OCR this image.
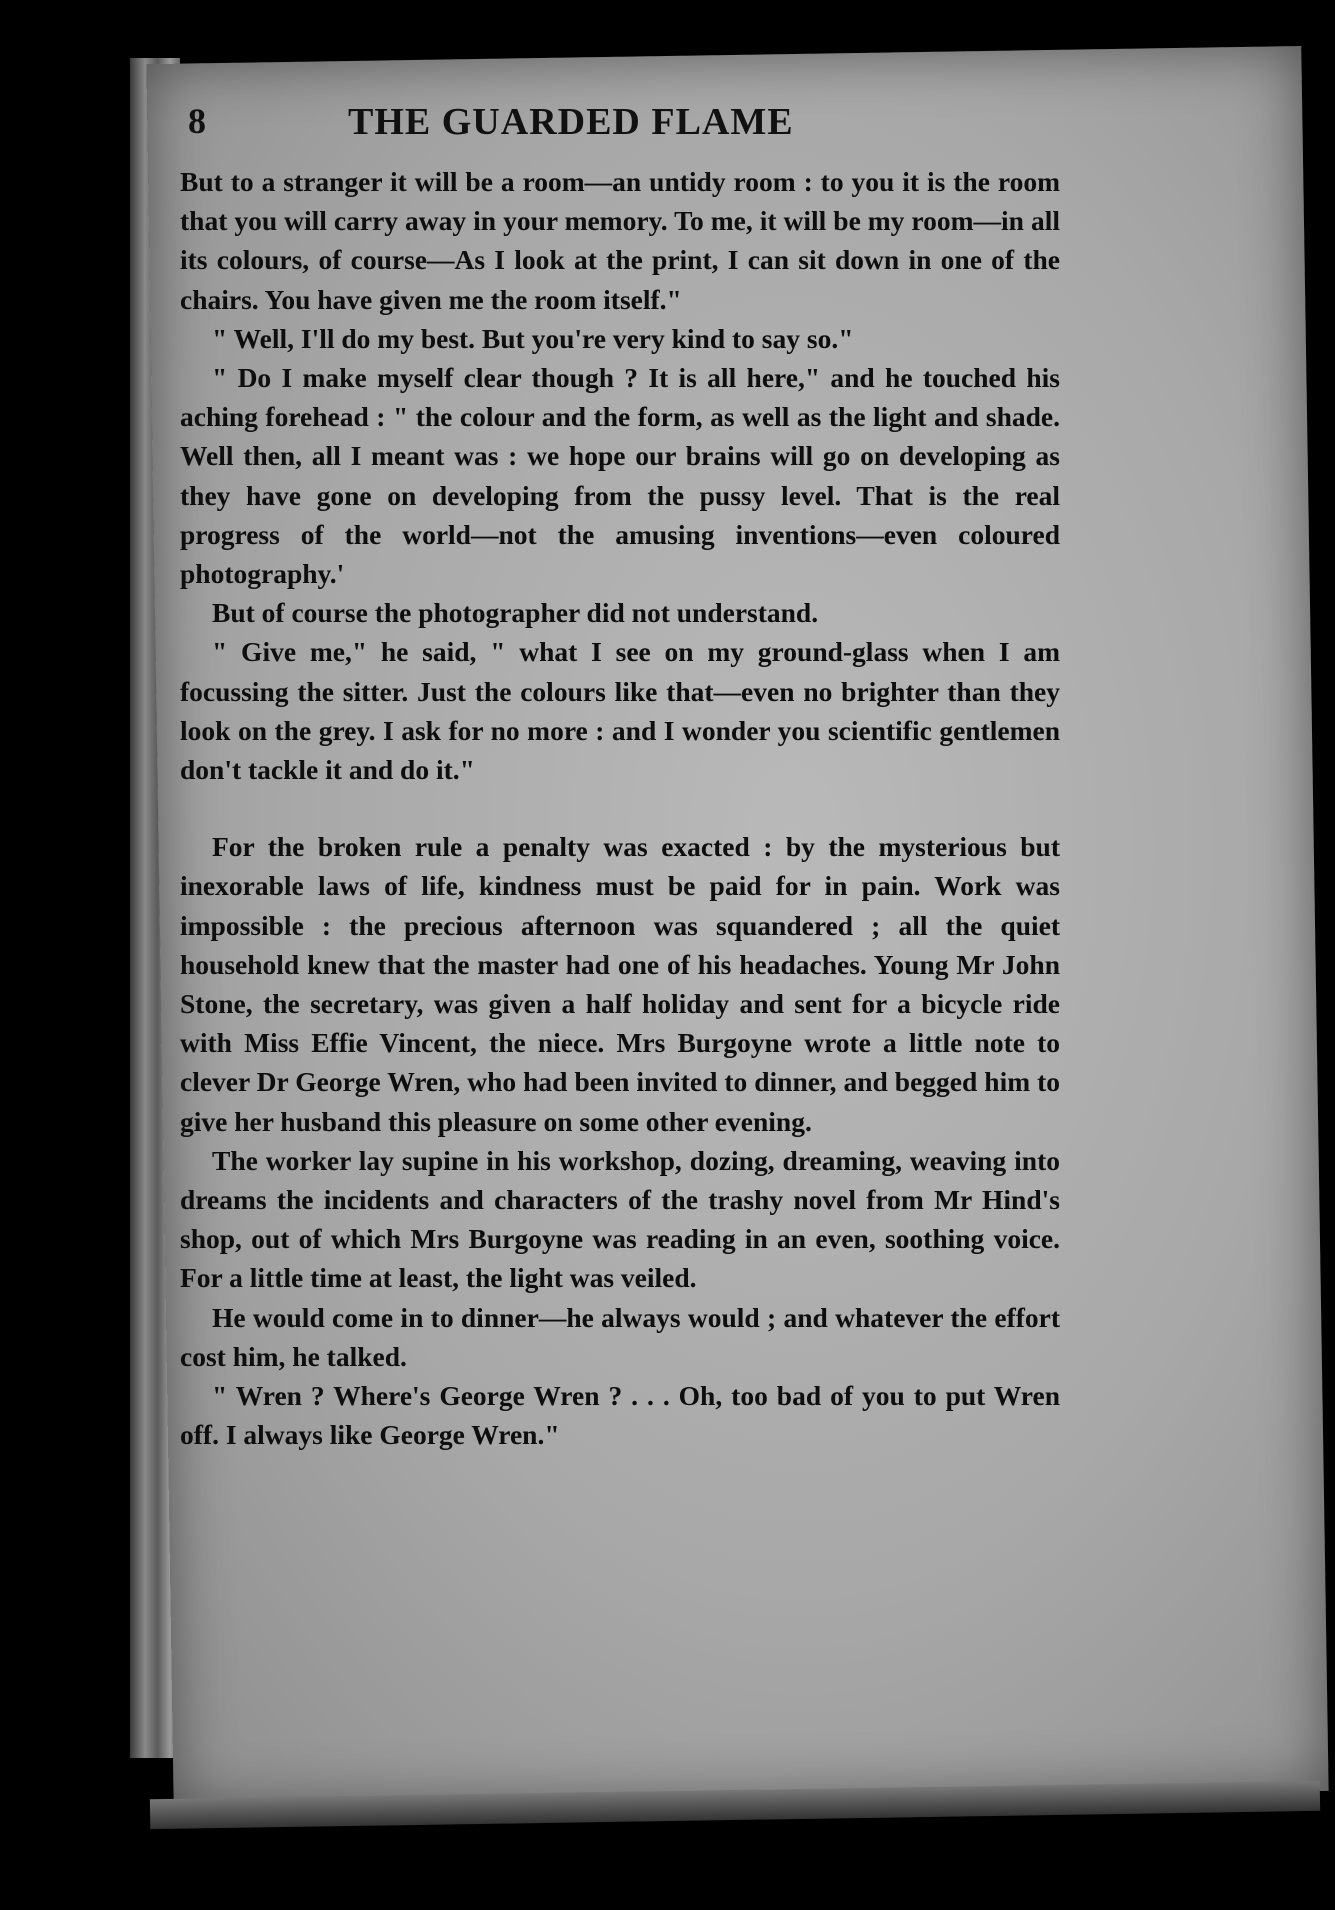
8	THE GUARDED FLAME

But to a stranger it will be a room—an untidy room : to you it is the room that you will carry away in your memory. To me, it will be my room—in all its colours, of course—As I look at the print, I can sit down in one of the chairs. You have given me the room itself."

" Well, I'll do my best. But you're very kind to say so."

" Do I make myself clear though ? It is all here," and he touched his aching forehead : " the colour and the form, as well as the light and shade. Well then, all I meant was : we hope our brains will go on developing as they have gone on developing from the pussy level. That is the real progress of the world—not the amusing inventions—even coloured photography.'

But of course the photographer did not understand.

" Give me," he said, " what I see on my ground-glass when I am focussing the sitter. Just the colours like that—even no brighter than they look on the grey. I ask for no more : and I wonder you scientific gentlemen don't tackle it and do it."

For the broken rule a penalty was exacted : by the mysterious but inexorable laws of life, kindness must be paid for in pain. Work was impossible : the precious afternoon was squandered ; all the quiet household knew that the master had one of his headaches. Young Mr John Stone, the secretary, was given a half holiday and sent for a bicycle ride with Miss Effie Vincent, the niece. Mrs Burgoyne wrote a little note to clever Dr George Wren, who had been invited to dinner, and begged him to give her husband this pleasure on some other evening.

The worker lay supine in his workshop, dozing, dreaming, weaving into dreams the incidents and characters of the trashy novel from Mr Hind's shop, out of which Mrs Burgoyne was reading in an even, soothing voice. For a little time at least, the light was veiled.

He would come in to dinner—he always would ; and whatever the effort cost him, he talked.

" Wren ? Where's George Wren ? . . . Oh, too bad of you to put Wren off. I always like George Wren."
